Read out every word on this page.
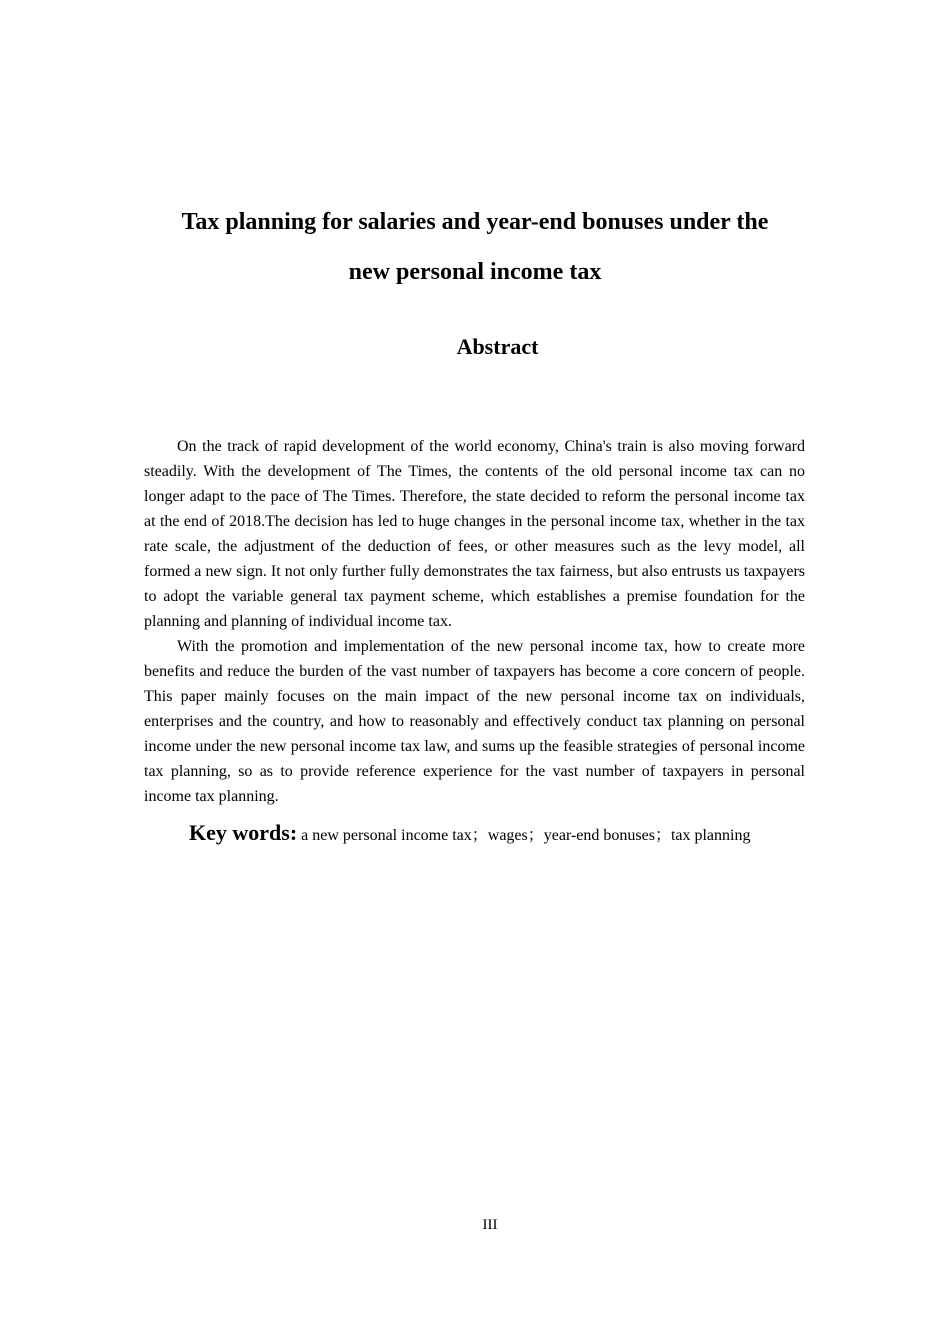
Tax planning for salaries and year-end bonuses under the
new personal income tax
Abstract

On the track of rapid development of the world economy, China's train is also moving forward steadily. With the development of The Times, the contents of the old personal income tax can no longer adapt to the pace of The Times. Therefore, the state decided to reform the personal income tax at the end of 2018.The decision has led to huge changes in the personal income tax, whether in the tax rate scale, the adjustment of the deduction of fees, or other measures such as the levy model, all formed a new sign. It not only further fully demonstrates the tax fairness, but also entrusts us taxpayers to adopt the variable general tax payment scheme, which establishes a premise foundation for the planning and planning of individual income tax.

With the promotion and implementation of the new personal income tax, how to create more benefits and reduce the burden of the vast number of taxpayers has become a core concern of people. This paper mainly focuses on the main impact of the new personal income tax on individuals, enterprises and the country, and how to reasonably and effectively conduct tax planning on personal income under the new personal income tax law, and sums up the feasible strategies of personal income tax planning, so as to provide reference experience for the vast number of taxpayers in personal income tax planning.

Key words: a new personal income tax；wages；year-end bonuses；tax planning
III
